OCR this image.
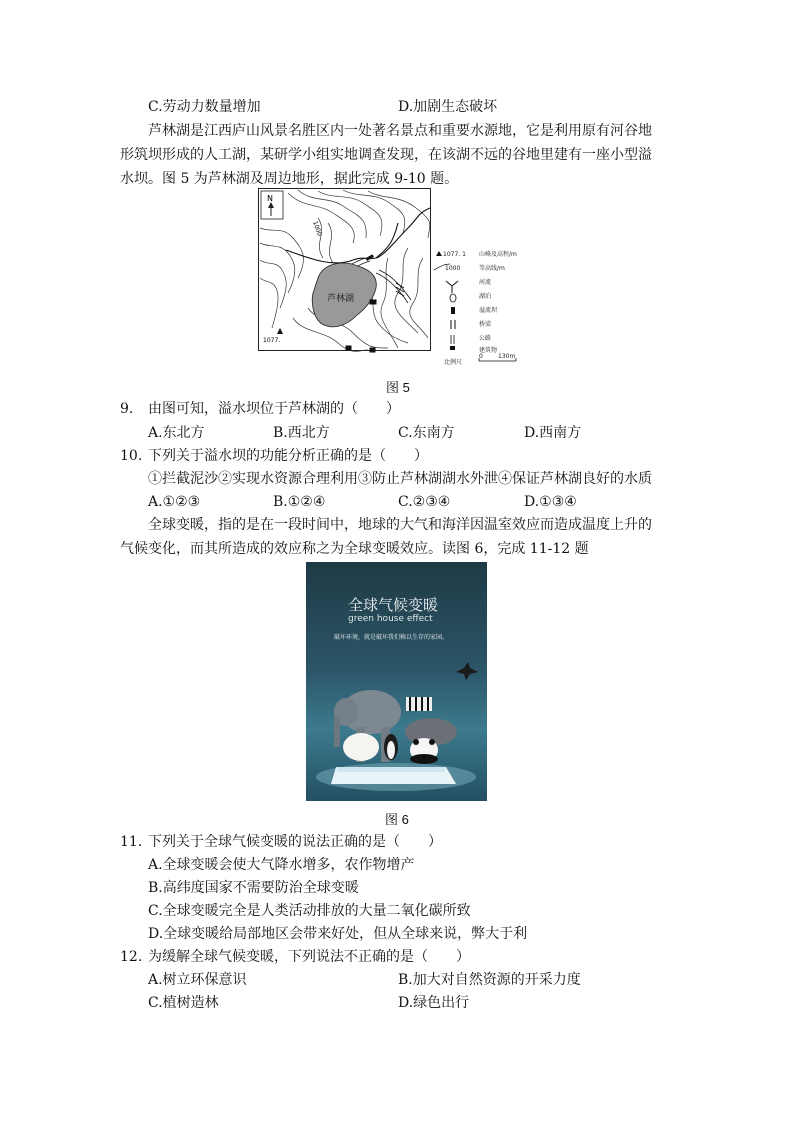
C.劳动力数量增加	D.加剧生态破坏
芦林湖是江西庐山风景名胜区内一处著名景点和重要水源地，它是利用原有河谷地
形筑坝形成的人工湖，某研学小组实地调查发现，在该湖不远的谷地里建有一座小型溢
水坝。图 5 为芦林湖及周边地形，据此完成 9-10 题。
N
1000
芦林湖
1077.
1077. 1 山峰及高程/m
1000	等高线/m
河流
湖泊
溢流坝
桥梁
公路
建筑物
比例尺
0	130m
图 5
9. 由图可知，溢水坝位于芦林湖的（　　）
A.东北方	B.西北方	C.东南方	D.西南方
10. 下列关于溢水坝的功能分析正确的是（　　）
①拦截泥沙②实现水资源合理利用③防止芦林湖湖水外泄④保证芦林湖良好的水质
A.①②③	B.①②④	C.②③④	D.①③④
全球变暖，指的是在一段时间中，地球的大气和海洋因温室效应而造成温度上升的
气候变化，而其所造成的效应称之为全球变暖效应。读图 6，完成 11-12 题
全球气候变暖
green house effect
破坏环境，就是破坏我们赖以生存的家园。
图 6
11. 下列关于全球气候变暖的说法正确的是（　　）
A.全球变暖会使大气降水增多，农作物增产
B.高纬度国家不需要防治全球变暖
C.全球变暖完全是人类活动排放的大量二氧化碳所致
D.全球变暖给局部地区会带来好处，但从全球来说，弊大于利
12. 为缓解全球气候变暖，下列说法不正确的是（　　）
A.树立环保意识	B.加大对自然资源的开采力度
C.植树造林	D.绿色出行
